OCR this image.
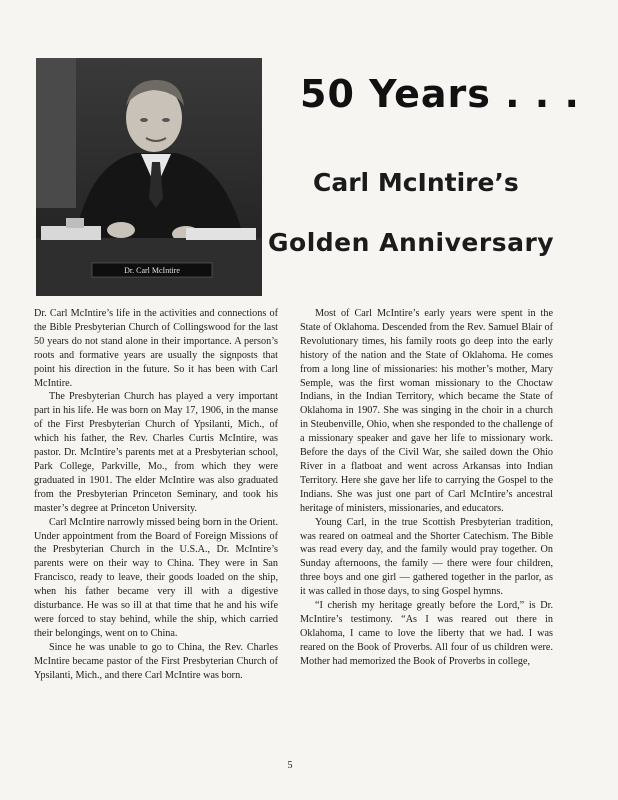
Dr. Carl McIntire
50 Years . . .
Carl McIntire’s
Golden Anniversary

Dr. Carl McIntire’s life in the activities and connections of the Bible Presbyterian Church of Collingswood for the last 50 years do not stand alone in their importance. A person’s roots and formative years are usually the signposts that point his direction in the future. So it has been with Carl McIntire.

The Presbyterian Church has played a very important part in his life. He was born on May 17, 1906, in the manse of the First Presbyterian Church of Ypsilanti, Mich., of which his father, the Rev. Charles Curtis McIntire, was pastor. Dr. McIntire’s parents met at a Presbyterian school, Park College, Parkville, Mo., from which they were graduated in 1901. The elder McIntire was also graduated from the Presbyterian Princeton Seminary, and took his master’s degree at Princeton University.

Carl McIntire narrowly missed being born in the Orient. Under appointment from the Board of Foreign Missions of the Presbyterian Church in the U.S.A., Dr. McIntire’s parents were on their way to China. They were in San Francisco, ready to leave, their goods loaded on the ship, when his father became very ill with a digestive disturbance. He was so ill at that time that he and his wife were forced to stay behind, while the ship, which carried their belongings, went on to China.

Since he was unable to go to China, the Rev. Charles McIntire became pastor of the First Presbyterian Church of Ypsilanti, Mich., and there Carl McIntire was born.

Most of Carl McIntire’s early years were spent in the State of Oklahoma. Descended from the Rev. Samuel Blair of Revolutionary times, his family roots go deep into the early history of the nation and the State of Oklahoma. He comes from a long line of missionaries: his mother’s mother, Mary Semple, was the first woman missionary to the Choctaw Indians, in the Indian Territory, which became the State of Oklahoma in 1907. She was singing in the choir in a church in Steubenville, Ohio, when she responded to the challenge of a missionary speaker and gave her life to missionary work. Before the days of the Civil War, she sailed down the Ohio River in a flatboat and went across Arkansas into Indian Territory. Here she gave her life to carrying the Gospel to the Indians. She was just one part of Carl McIntire’s ancestral heritage of ministers, missionaries, and educators.

Young Carl, in the true Scottish Presbyterian tradition, was reared on oatmeal and the Shorter Catechism. The Bible was read every day, and the family would pray together. On Sunday afternoons, the family — there were four children, three boys and one girl — gathered together in the parlor, as it was called in those days, to sing Gospel hymns.

“I cherish my heritage greatly before the Lord,” is Dr. McIntire’s testimony. “As I was reared out there in Oklahoma, I came to love the liberty that we had. I was reared on the Book of Proverbs. All four of us children were. Mother had memorized the Book of Proverbs in college,

5
